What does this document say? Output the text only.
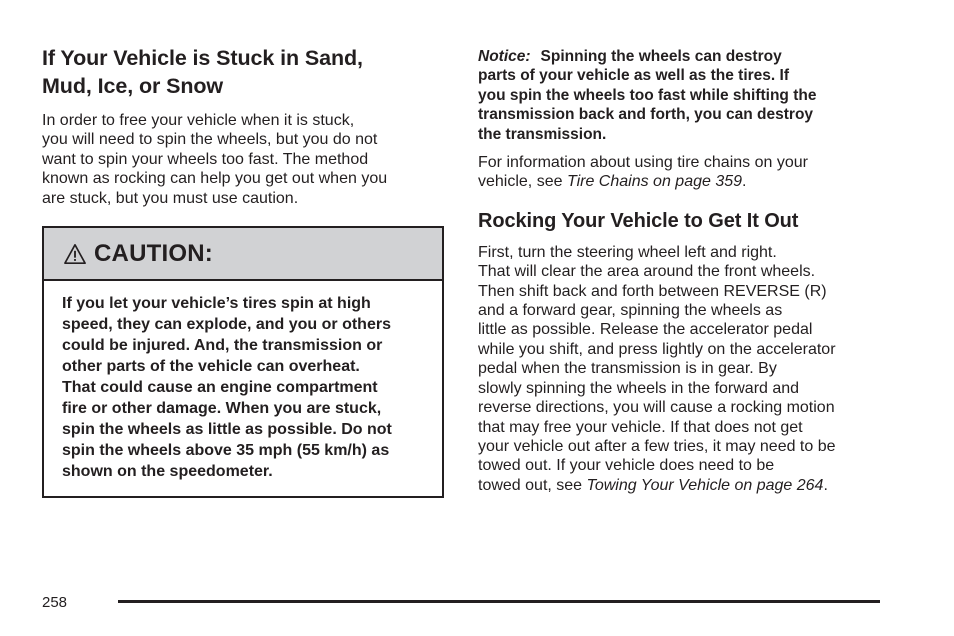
If Your Vehicle is Stuck in Sand,
Mud, Ice, or Snow

In order to free your vehicle when it is stuck,
you will need to spin the wheels, but you do not
want to spin your wheels too fast. The method
known as rocking can help you get out when you
are stuck, but you must use caution.

CAUTION:

If you let your vehicle’s tires spin at high
speed, they can explode, and you or others
could be injured. And, the transmission or
other parts of the vehicle can overheat.
That could cause an engine compartment
fire or other damage. When you are stuck,
spin the wheels as little as possible. Do not
spin the wheels above 35 mph (55 km/h) as
shown on the speedometer.

Notice: Spinning the wheels can destroy
parts of your vehicle as well as the tires. If
you spin the wheels too fast while shifting the
transmission back and forth, you can destroy
the transmission.

For information about using tire chains on your
vehicle, see Tire Chains on page 359.

Rocking Your Vehicle to Get It Out

First, turn the steering wheel left and right.
That will clear the area around the front wheels.
Then shift back and forth between REVERSE (R)
and a forward gear, spinning the wheels as
little as possible. Release the accelerator pedal
while you shift, and press lightly on the accelerator
pedal when the transmission is in gear. By
slowly spinning the wheels in the forward and
reverse directions, you will cause a rocking motion
that may free your vehicle. If that does not get
your vehicle out after a few tries, it may need to be
towed out. If your vehicle does need to be
towed out, see Towing Your Vehicle on page 264.

258
